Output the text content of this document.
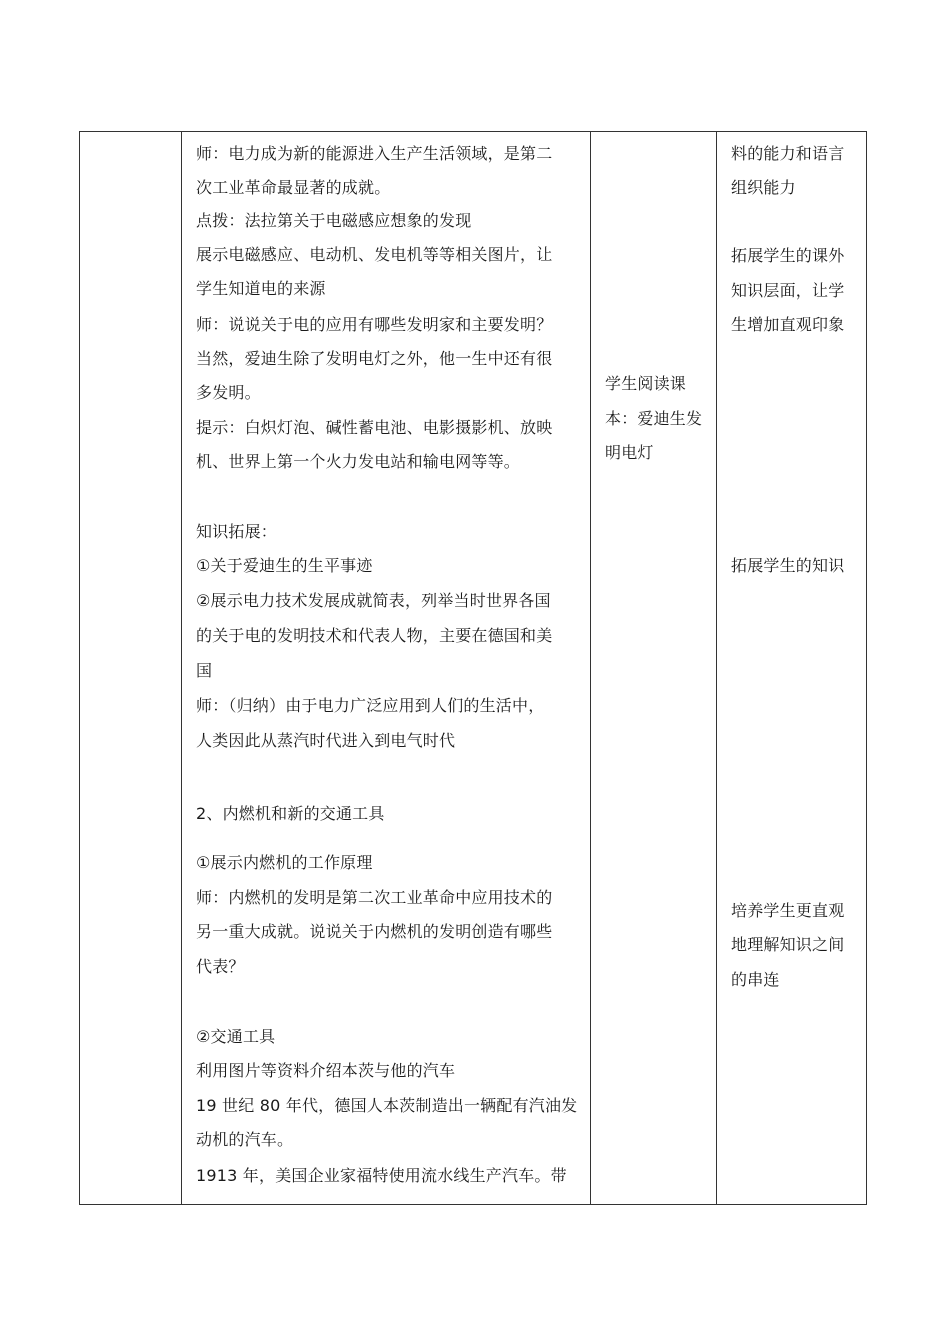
师：电力成为新的能源进入生产生活领域，是第二
次工业革命最显著的成就。
点拨：法拉第关于电磁感应想象的发现
展示电磁感应、电动机、发电机等等相关图片，让
学生知道电的来源
师：说说关于电的应用有哪些发明家和主要发明？
当然，爱迪生除了发明电灯之外，他一生中还有很
多发明。
提示：白炽灯泡、碱性蓄电池、电影摄影机、放映
机、世界上第一个火力发电站和输电网等等。
知识拓展：
①关于爱迪生的生平事迹
②展示电力技术发展成就简表，列举当时世界各国
的关于电的发明技术和代表人物，主要在德国和美
国
师：（归纳）由于电力广泛应用到人们的生活中，
人类因此从蒸汽时代进入到电气时代
2、内燃机和新的交通工具
①展示内燃机的工作原理
师：内燃机的发明是第二次工业革命中应用技术的
另一重大成就。说说关于内燃机的发明创造有哪些
代表？
②交通工具
利用图片等资料介绍本茨与他的汽车
19 世纪 80 年代，德国人本茨制造出一辆配有汽油发
动机的汽车。
1913 年，美国企业家福特使用流水线生产汽车。带
学生阅读课
本：爱迪生发
明电灯
料的能力和语言
组织能力
拓展学生的课外
知识层面，让学
生增加直观印象
拓展学生的知识
培养学生更直观
地理解知识之间
的串连
